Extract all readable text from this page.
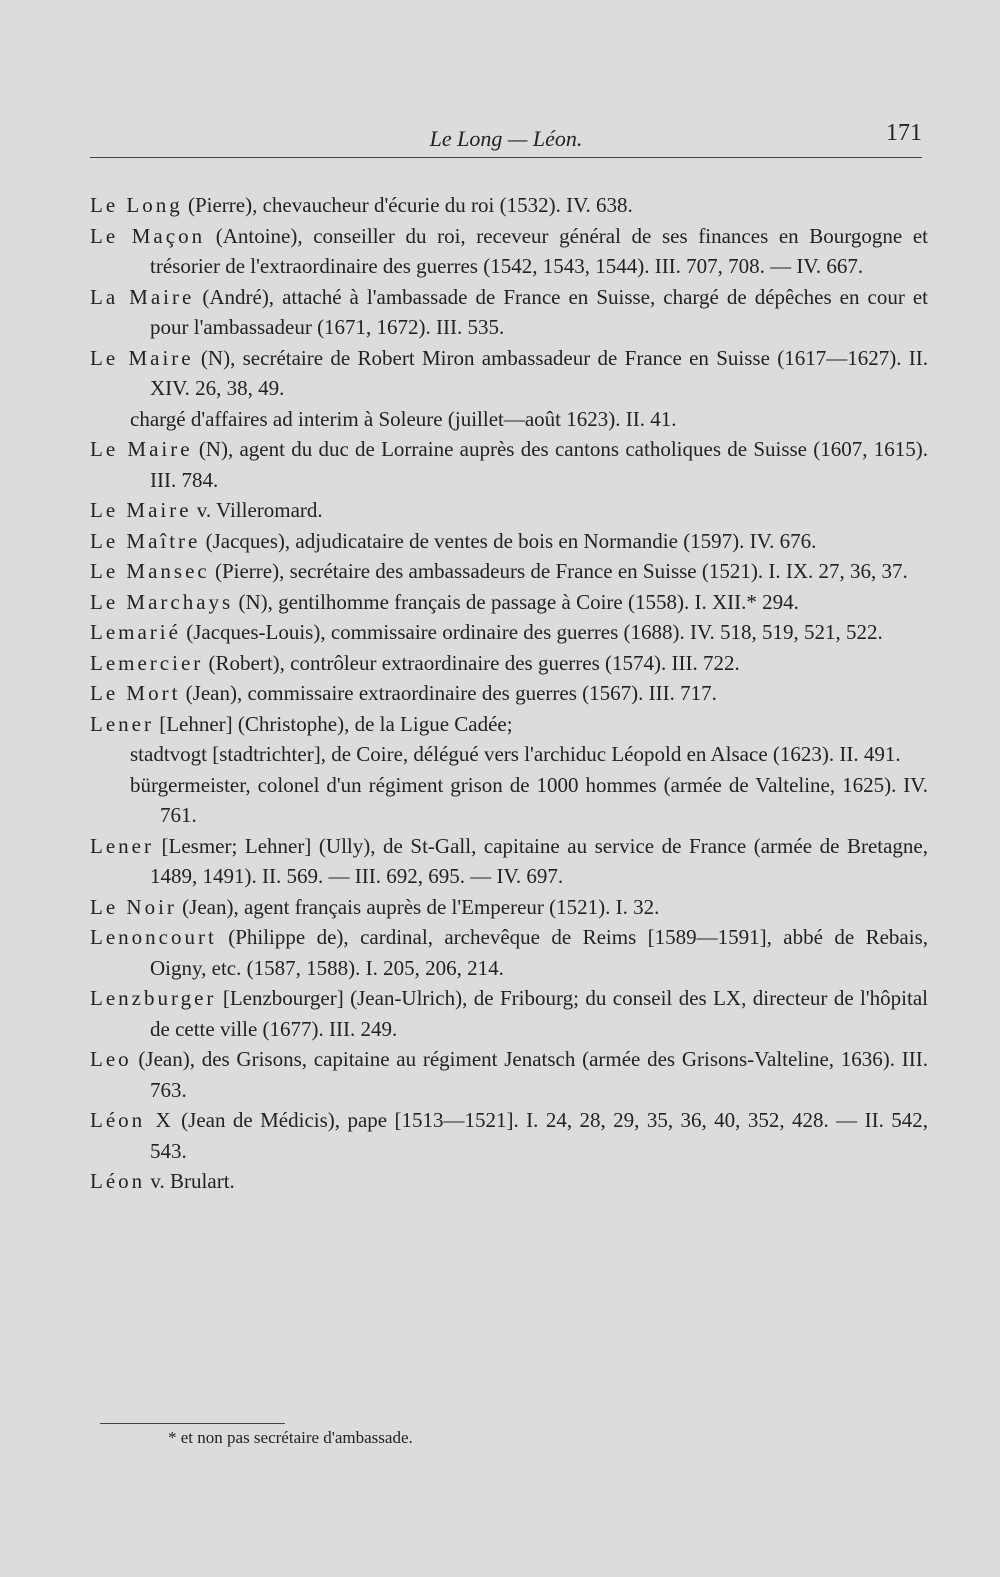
Le Long — Léon.	171

Le Long (Pierre), chevaucheur d'écurie du roi (1532). IV. 638.

Le Maçon (Antoine), conseiller du roi, receveur général de ses finances en Bourgogne et trésorier de l'extraordinaire des guerres (1542, 1543, 1544). III. 707, 708. — IV. 667.

La Maire (André), attaché à l'ambassade de France en Suisse, chargé de dépêches en cour et pour l'ambassadeur (1671, 1672). III. 535.

Le Maire (N), secrétaire de Robert Miron ambassadeur de France en Suisse (1617—1627). II. XIV. 26, 38, 49.

chargé d'affaires ad interim à Soleure (juillet—août 1623). II. 41.

Le Maire (N), agent du duc de Lorraine auprès des cantons catholiques de Suisse (1607, 1615). III. 784.

Le Maire v. Villeromard.

Le Maître (Jacques), adjudicataire de ventes de bois en Normandie (1597). IV. 676.

Le Mansec (Pierre), secrétaire des ambassadeurs de France en Suisse (1521). I. IX. 27, 36, 37.

Le Marchays (N), gentilhomme français de passage à Coire (1558). I. XII.* 294.

Lemarié (Jacques-Louis), commissaire ordinaire des guerres (1688). IV. 518, 519, 521, 522.

Lemercier (Robert), contrôleur extraordinaire des guerres (1574). III. 722.

Le Mort (Jean), commissaire extraordinaire des guerres (1567). III. 717.

Lener [Lehner] (Christophe), de la Ligue Cadée;

stadtvogt [stadtrichter], de Coire, délégué vers l'archiduc Léopold en Alsace (1623). II. 491.

bürgermeister, colonel d'un régiment grison de 1000 hommes (armée de Valteline, 1625). IV. 761.

Lener [Lesmer; Lehner] (Ully), de St-Gall, capitaine au service de France (armée de Bretagne, 1489, 1491). II. 569. — III. 692, 695. — IV. 697.

Le Noir (Jean), agent français auprès de l'Empereur (1521). I. 32.

Lenoncourt (Philippe de), cardinal, archevêque de Reims [1589—1591], abbé de Rebais, Oigny, etc. (1587, 1588). I. 205, 206, 214.

Lenzburger [Lenzbourger] (Jean-Ulrich), de Fribourg; du conseil des LX, directeur de l'hôpital de cette ville (1677). III. 249.

Leo (Jean), des Grisons, capitaine au régiment Jenatsch (armée des Grisons-Valteline, 1636). III. 763.

Léon X (Jean de Médicis), pape [1513—1521]. I. 24, 28, 29, 35, 36, 40, 352, 428. — II. 542, 543.

Léon v. Brulart.

* et non pas secrétaire d'ambassade.
